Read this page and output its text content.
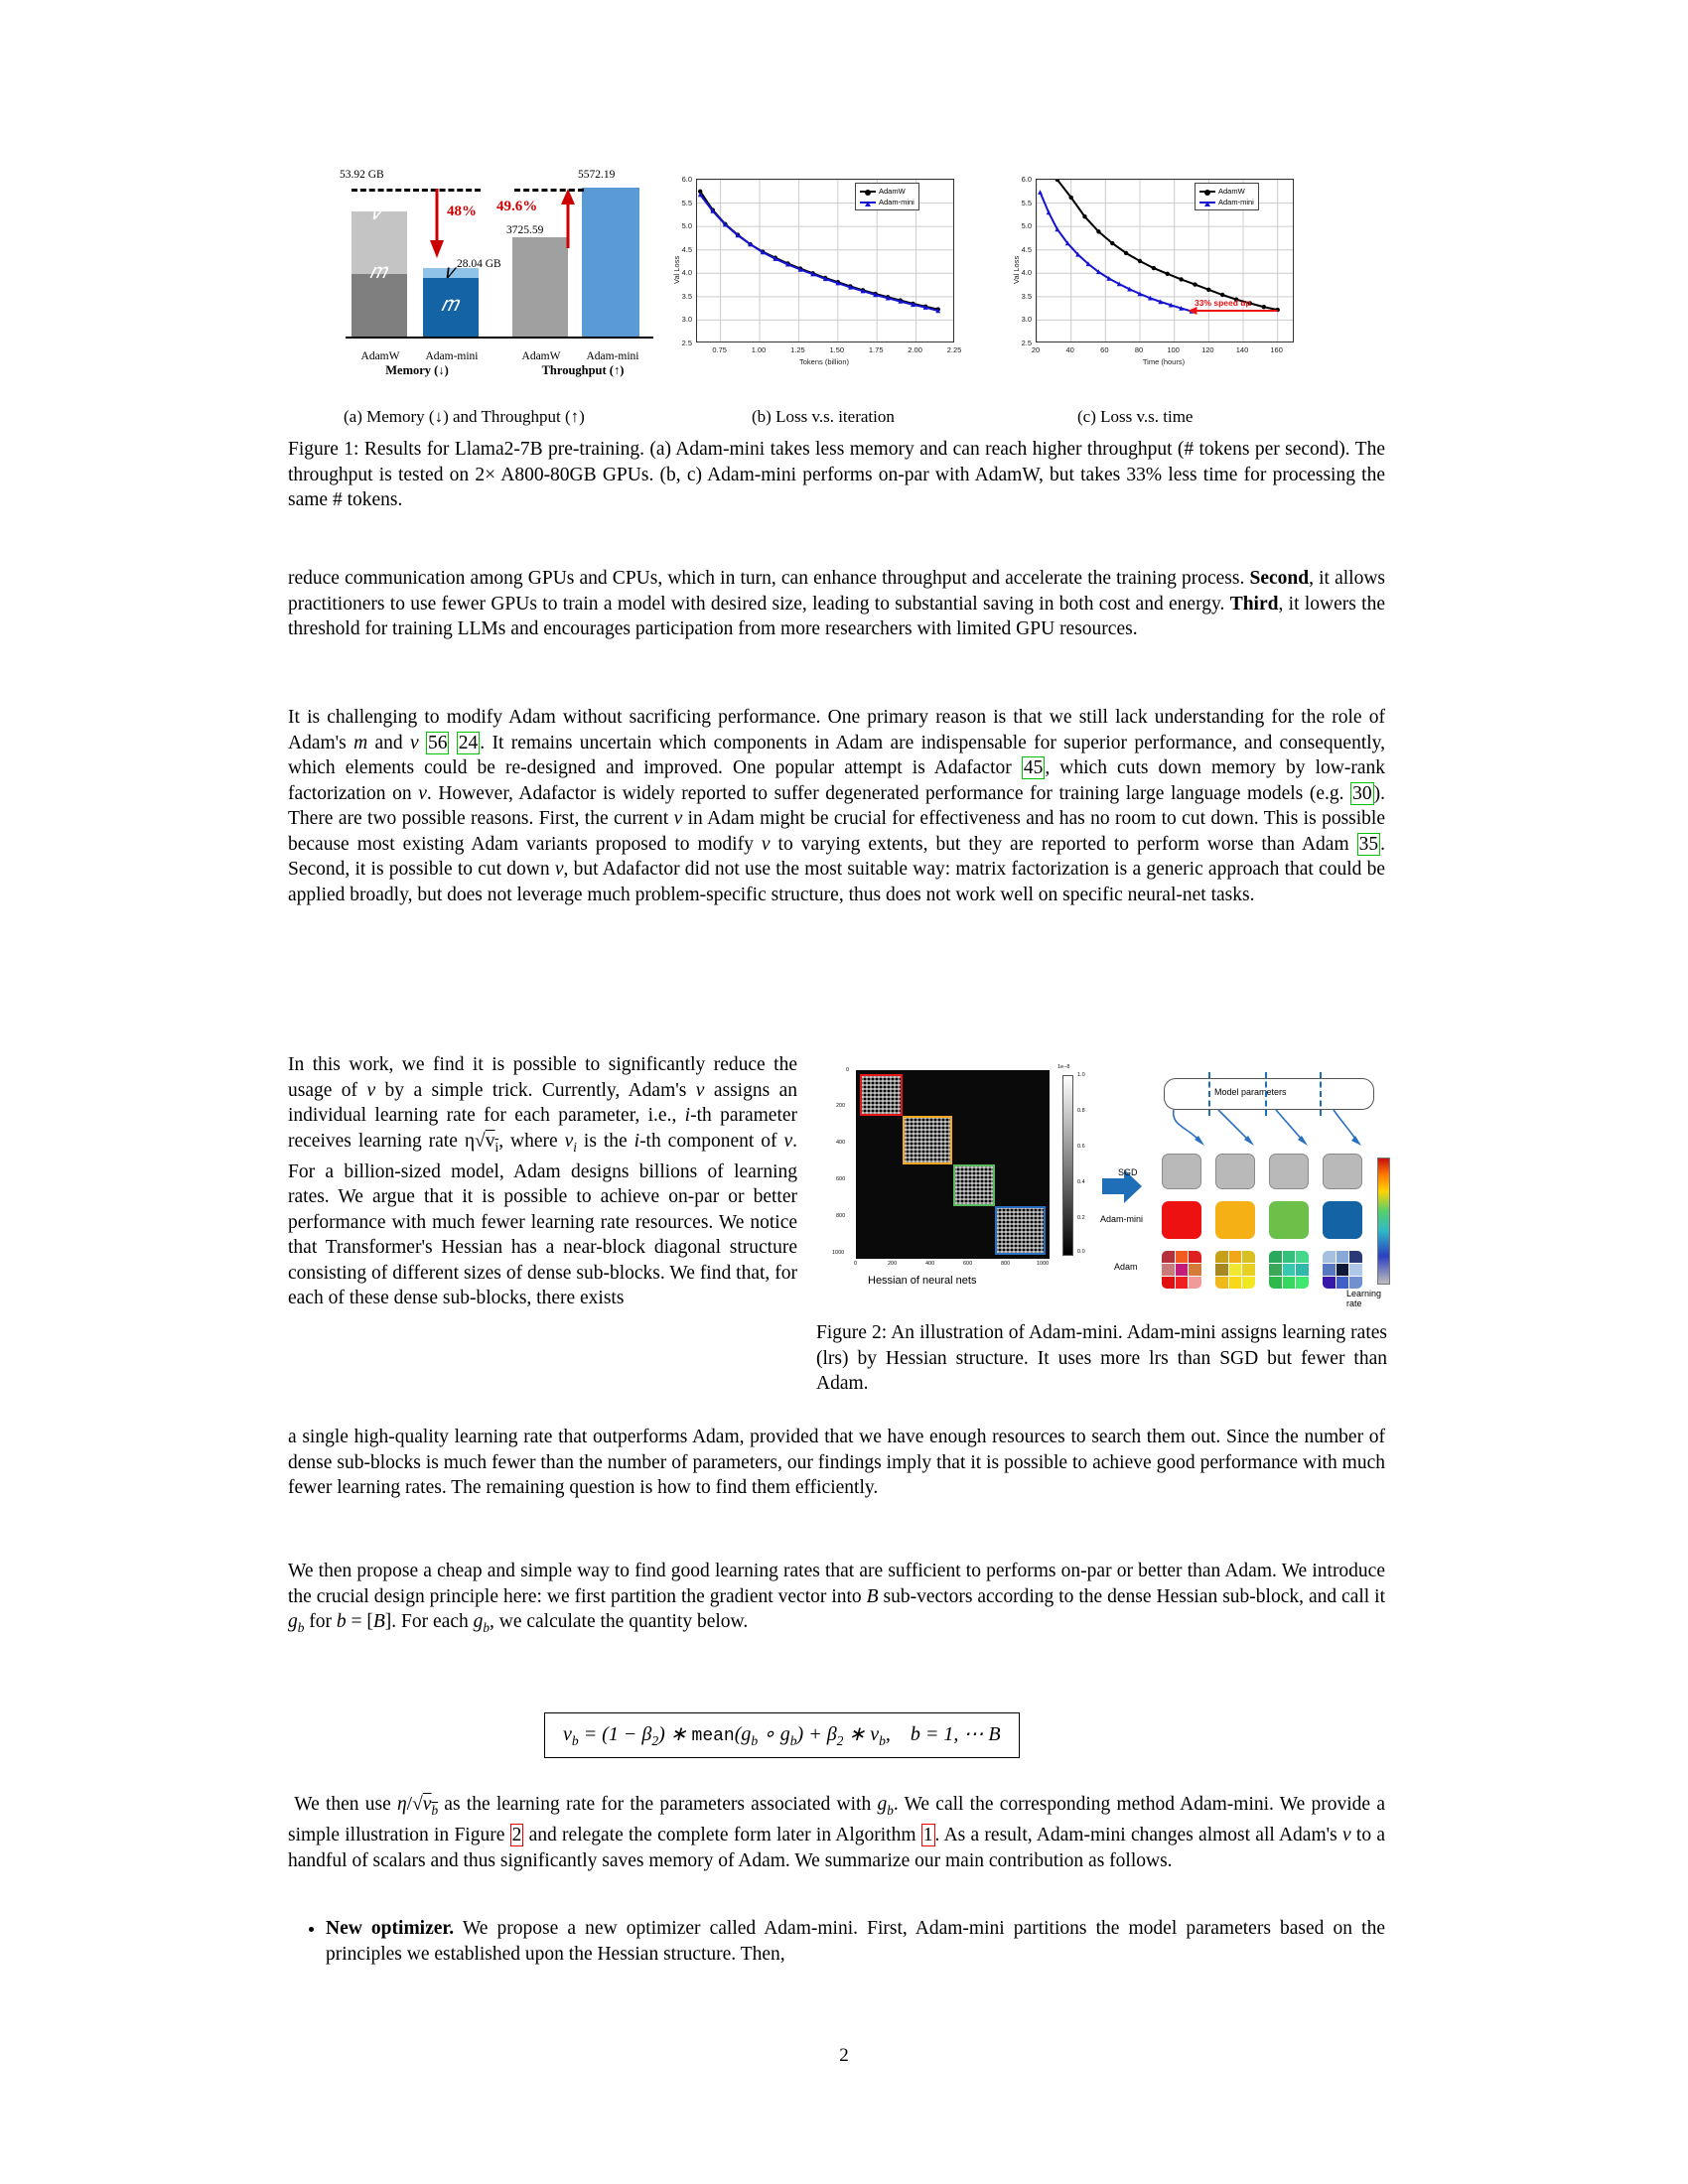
𝑣
𝑚
53.92 GB
𝑣
𝑚
28.04 GB
48%
AdamW	Adam-mini
Memory (↓)
3725.59
5572.19
49.6%
AdamW	Adam-mini
Throughput (↑)
Val Loss
Tokens (billion)
6.0
5.5
5.0
4.5
4.0
3.5
3.0
2.5
0.75	1.00	1.25	1.50	1.75	2.00	2.25
AdamW
Adam-mini
Val Loss
Time (hours)
6.0
5.5
5.0
4.5
4.0
3.5
3.0
2.5
20	40	60	80	100	120	140	160
AdamW
Adam-mini
33% speed up
(a) Memory (↓) and Throughput (↑)	(b) Loss v.s. iteration	(c) Loss v.s. time
Figure 1: Results for Llama2-7B pre-training. (a) Adam-mini takes less memory and can reach higher throughput (# tokens per second). The throughput is tested on 2× A800-80GB GPUs. (b, c) Adam-mini performs on-par with AdamW, but takes 33% less time for processing the same # tokens.
reduce communication among GPUs and CPUs, which in turn, can enhance throughput and accelerate the training process. Second, it allows practitioners to use fewer GPUs to train a model with desired size, leading to substantial saving in both cost and energy. Third, it lowers the threshold for training LLMs and encourages participation from more researchers with limited GPU resources.
It is challenging to modify Adam without sacrificing performance. One primary reason is that we still lack understanding for the role of Adam's m and v 56 24 . It remains uncertain which components in Adam are indispensable for superior performance, and consequently, which elements could be re-designed and improved. One popular attempt is Adafactor 45 , which cuts down memory by low-rank factorization on v. However, Adafactor is widely reported to suffer degenerated performance for training large language models (e.g. 30 ). There are two possible reasons. First, the current v in Adam might be crucial for effectiveness and has no room to cut down. This is possible because most existing Adam variants proposed to modify v to varying extents, but they are reported to perform worse than Adam 35 . Second, it is possible to cut down v, but Adafactor did not use the most suitable way: matrix factorization is a generic approach that could be applied broadly, but does not leverage much problem-specific structure, thus does not work well on specific neural-net tasks.
In this work, we find it is possible to significantly reduce the usage of v by a simple trick. Currently, Adam's v assigns an individual learning rate for each parameter, i.e., i-th parameter receives learning rate $\eta√v_i$, where $v_i$ is the i-th component of v. For a billion-sized model, Adam designs billions of learning rates. We argue that it is possible to achieve on-par or better performance with much fewer learning rate resources. We notice that Transformer's Hessian has a near-block diagonal structure consisting of different sizes of dense sub-blocks. We find that, for each of these dense sub-blocks, there exists
a single high-quality learning rate that outperforms Adam, provided that we have enough resources to search them out. Since the number of dense sub-blocks is much fewer than the number of parameters, our findings imply that it is possible to achieve good performance with much fewer learning rates. The remaining question is how to find them efficiently.
We then propose a cheap and simple way to find good learning rates that are sufficient to performs on-par or better than Adam. We introduce the crucial design principle here: we first partition the gradient vector into B sub-vectors according to the dense Hessian sub-block, and call it $g_b$ for b = [B]. For each $g_b$, we calculate the quantity below.
$v_b = (1 - \beta_2)$ ∗ $mean(g_b$ ∘ $g_b) + \beta_2$ ∗ $v_b$,    b = 1, ⋯ B
We then use $\eta/√v_b$ as the learning rate for the parameters associated with $g_b$. We call the corresponding method Adam-mini. We provide a simple illustration in Figure 2 and relegate the complete form later in Algorithm 1 . As a result, Adam-mini changes almost all Adam's v to a handful of scalars and thus significantly saves memory of Adam. We summarize our main contribution as follows.
• New optimizer. We propose a new optimizer called Adam-mini. First, Adam-mini partitions the model parameters based on the principles we established upon the Hessian structure. Then,
0
200
400
600
800
1000
0	200	400	600	800	1000
1e−8
1.0
0.8
0.6
0.4
0.2
0.0
Hessian of neural nets
Model parameters
SGD
Adam-mini
Adam
Learning rate
Figure 2: An illustration of Adam-mini. Adam-mini assigns learning rates (lrs) by Hessian structure. It uses more lrs than SGD but fewer than Adam.
2
